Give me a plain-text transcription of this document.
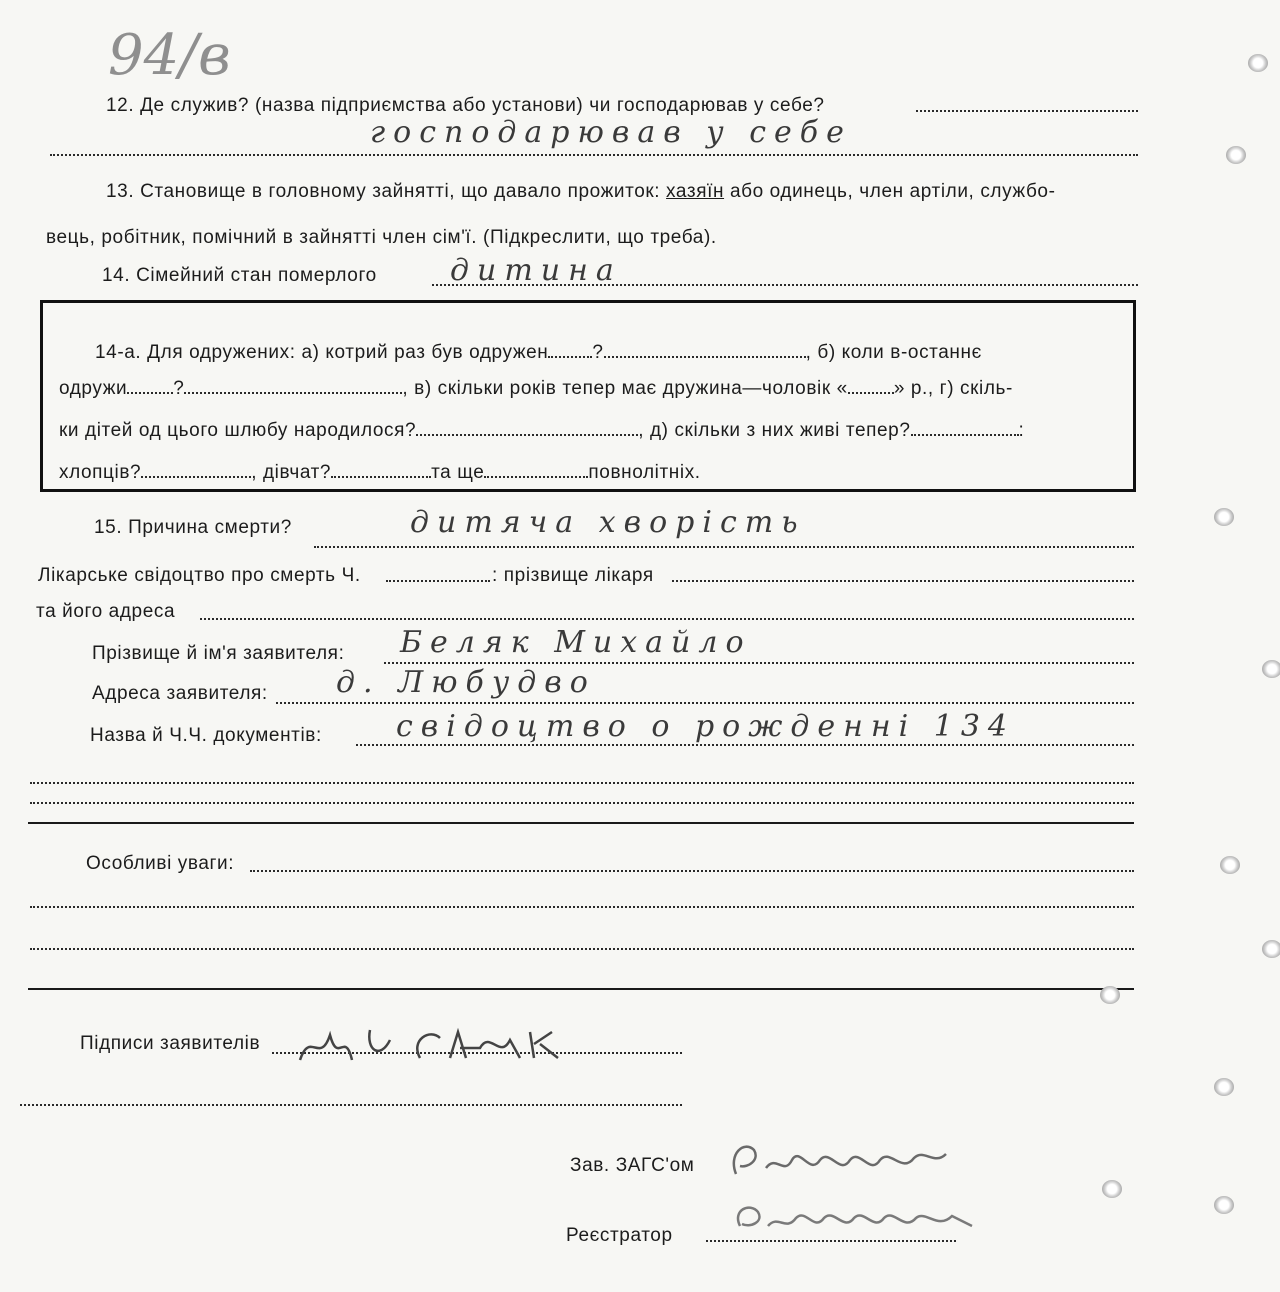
94/в
12. Де служив? (назва підприємства або установи) чи господарював у себе?
господарював у себе
13. Становище в головному зайнятті, що давало прожиток: хазяїн або одинець, член артіли, службо-
вець, робітник, помічний в зайнятті член сім'ї. (Підкреслити, що треба).
14. Сімейний стан померлого дитина
14-а. Для одружених: а) котрий раз був одружен ?	, б) коли в-останнє
одружи ?	, в) скільки років тепер має дружина—чоловік « » р., г) скіль-
ки дітей од цього шлюбу народилося?	, д) скільки з них живі тепер?	:
хлопців?	, дівчат?	та ще	повнолітніх.
15. Причина смерти?	дитяча хворість
Лікарське свідоцтво про смерть Ч.	: прізвище лікаря
та його адреса
Прізвище й ім'я заявителя: Беляк Михайло
Адреса заявителя: д. Любудво
Назва й Ч.Ч. документів: свідоцтво о рожденні 134
Особливі уваги:
Підписи заявителів
Зав. ЗАГС'ом
Реєстратор
